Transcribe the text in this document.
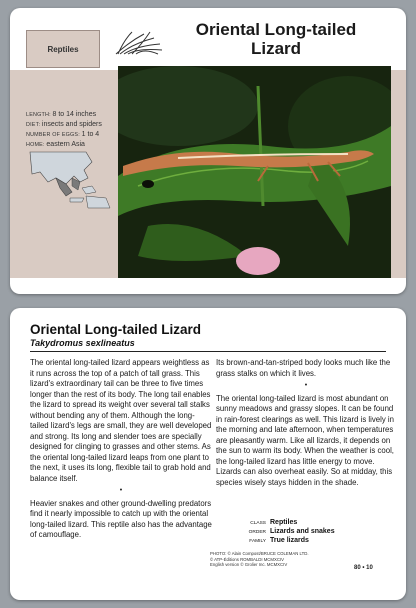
Reptiles
Oriental Long-tailed
Lizard
LENGTH: 8 to 14 inches
DIET: insects and spiders
NUMBER OF EGGS: 1 to 4
HOME: eastern Asia
Oriental Long-tailed Lizard
Takydromus sexlineatus

The oriental long-tailed lizard appears weightless as it runs across the top of a patch of tall grass. This lizard's extraordinary tail can be three to five times longer than the rest of its body. The long tail enables the lizard to spread its weight over several tall stalks without bending any of them. Although the long-tailed lizard's legs are small, they are well developed and strong. Its long and slender toes are specially designed for clinging to grasses and other stems. As the oriental long-tailed lizard leaps from one plant to the next, it uses its long, flexible tail to grab hold and balance itself.

•

Heavier snakes and other ground-dwelling predators find it nearly impossible to catch up with the oriental long-tailed lizard. This reptile also has the advantage of camouflage.

Its brown-and-tan-striped body looks much like the grass stalks on which it lives.

•

The oriental long-tailed lizard is most abundant on sunny meadows and grassy slopes. It can be found in rain-forest clearings as well. This lizard is lively in the morning and late afternoon, when temperatures are pleasantly warm. Like all lizards, it depends on the sun to warm its body. When the weather is cool, the long-tailed lizard has little energy to move. Lizards can also overheat easily. So at midday, this species wisely stays hidden in the shade.

CLASS Reptiles
ORDER Lizards and snakes
FAMILY True lizards
PHOTO: © Alain Compost/BRUCE COLEMAN LTD.
© ATP-Éditions ROMBALDI MCMXCIV
English version © Grolier Inc. MCMXCIV
80 • 10
